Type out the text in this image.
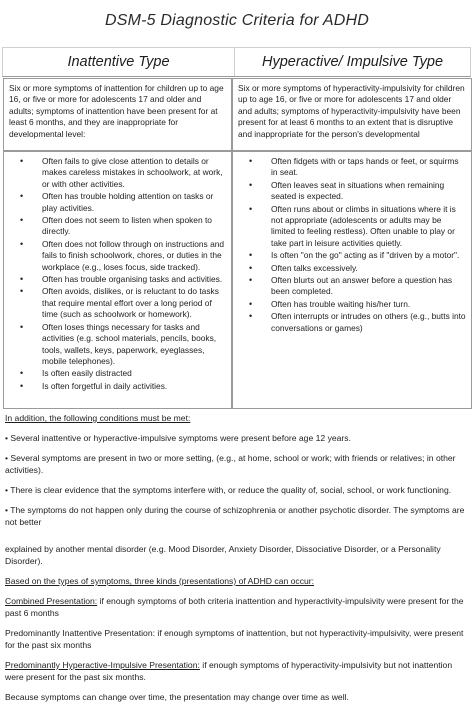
DSM-5 Diagnostic Criteria for ADHD
Inattentive Type	Hyperactive/ Impulsive Type

Six or more symptoms of inattention for children up to age 16, or five or more for adolescents 17 and older and adults; symptoms of inattention have been present for at least 6 months, and they are inappropriate for developmental level:

Six or more symptoms of hyperactivity-impulsivity for children up to age 16, or five or more for adolescents 17 and older and adults; symptoms of hyperactivity-impulsivity have been present for at least 6 months to an extent that is disruptive and inappropriate for the person's developmental

• Often fails to give close attention to details or makes careless mistakes in schoolwork, at work, or with other activities.
• Often has trouble holding attention on tasks or play activities.
• Often does not seem to listen when spoken to directly.
• Often does not follow through on instructions and fails to finish schoolwork, chores, or duties in the workplace (e.g., loses focus, side tracked).
• Often has trouble organising tasks and activities.
• Often avoids, dislikes, or is reluctant to do tasks that require mental effort over a long period of time (such as schoolwork or homework).
• Often loses things necessary for tasks and activities (e.g. school materials, pencils, books, tools, wallets, keys, paperwork, eyeglasses, mobile telephones).
• Is often easily distracted
• Is often forgetful in daily activities.
• Often fidgets with or taps hands or feet, or squirms in seat.
• Often leaves seat in situations when remaining seated is expected.
• Often runs about or climbs in situations where it is not appropriate (adolescents or adults may be limited to feeling restless). Often unable to play or take part in leisure activities quietly.
• Is often "on the go" acting as if "driven by a motor".
• Often talks excessively.
• Often blurts out an answer before a question has been completed.
• Often has trouble waiting his/her turn.
• Often interrupts or intrudes on others (e.g., butts into conversations or games)

In addition, the following conditions must be met:

• Several inattentive or hyperactive-impulsive symptoms were present before age 12 years.

• Several symptoms are present in two or more setting, (e.g., at home, school or work; with friends or relatives; in other activities).

• There is clear evidence that the symptoms interfere with, or reduce the quality of, social, school, or work functioning.

• The symptoms do not happen only during the course of schizophrenia or another psychotic disorder. The symptoms are not better

explained by another mental disorder (e.g. Mood Disorder, Anxiety Disorder, Dissociative Disorder, or a Personality Disorder).

Based on the types of symptoms, three kinds (presentations) of ADHD can occur:

Combined Presentation: if enough symptoms of both criteria inattention and hyperactivity-impulsivity were present for the past 6 months

Predominantly Inattentive Presentation: if enough symptoms of inattention, but not hyperactivity-impulsivity, were present for the past six months

Predominantly Hyperactive-Impulsive Presentation: if enough symptoms of hyperactivity-impulsivity but not inattention were present for the past six months.

Because symptoms can change over time, the presentation may change over time as well.
